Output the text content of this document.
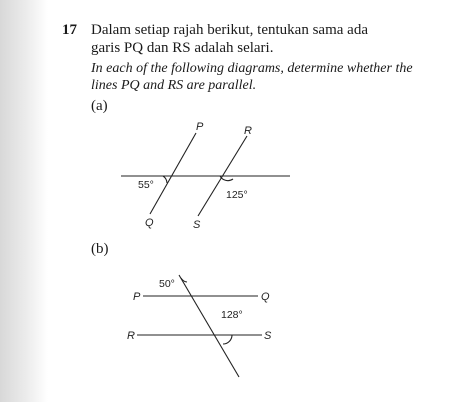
17 Dalam setiap rajah berikut, tentukan sama ada
garis PQ dan RS adalah selari.
In each of the following diagrams, determine whether the
lines PQ and RS are parallel.
(a)
(b)
P	R
Q	S
55°
125°
P	Q
R	S
50°
128°
